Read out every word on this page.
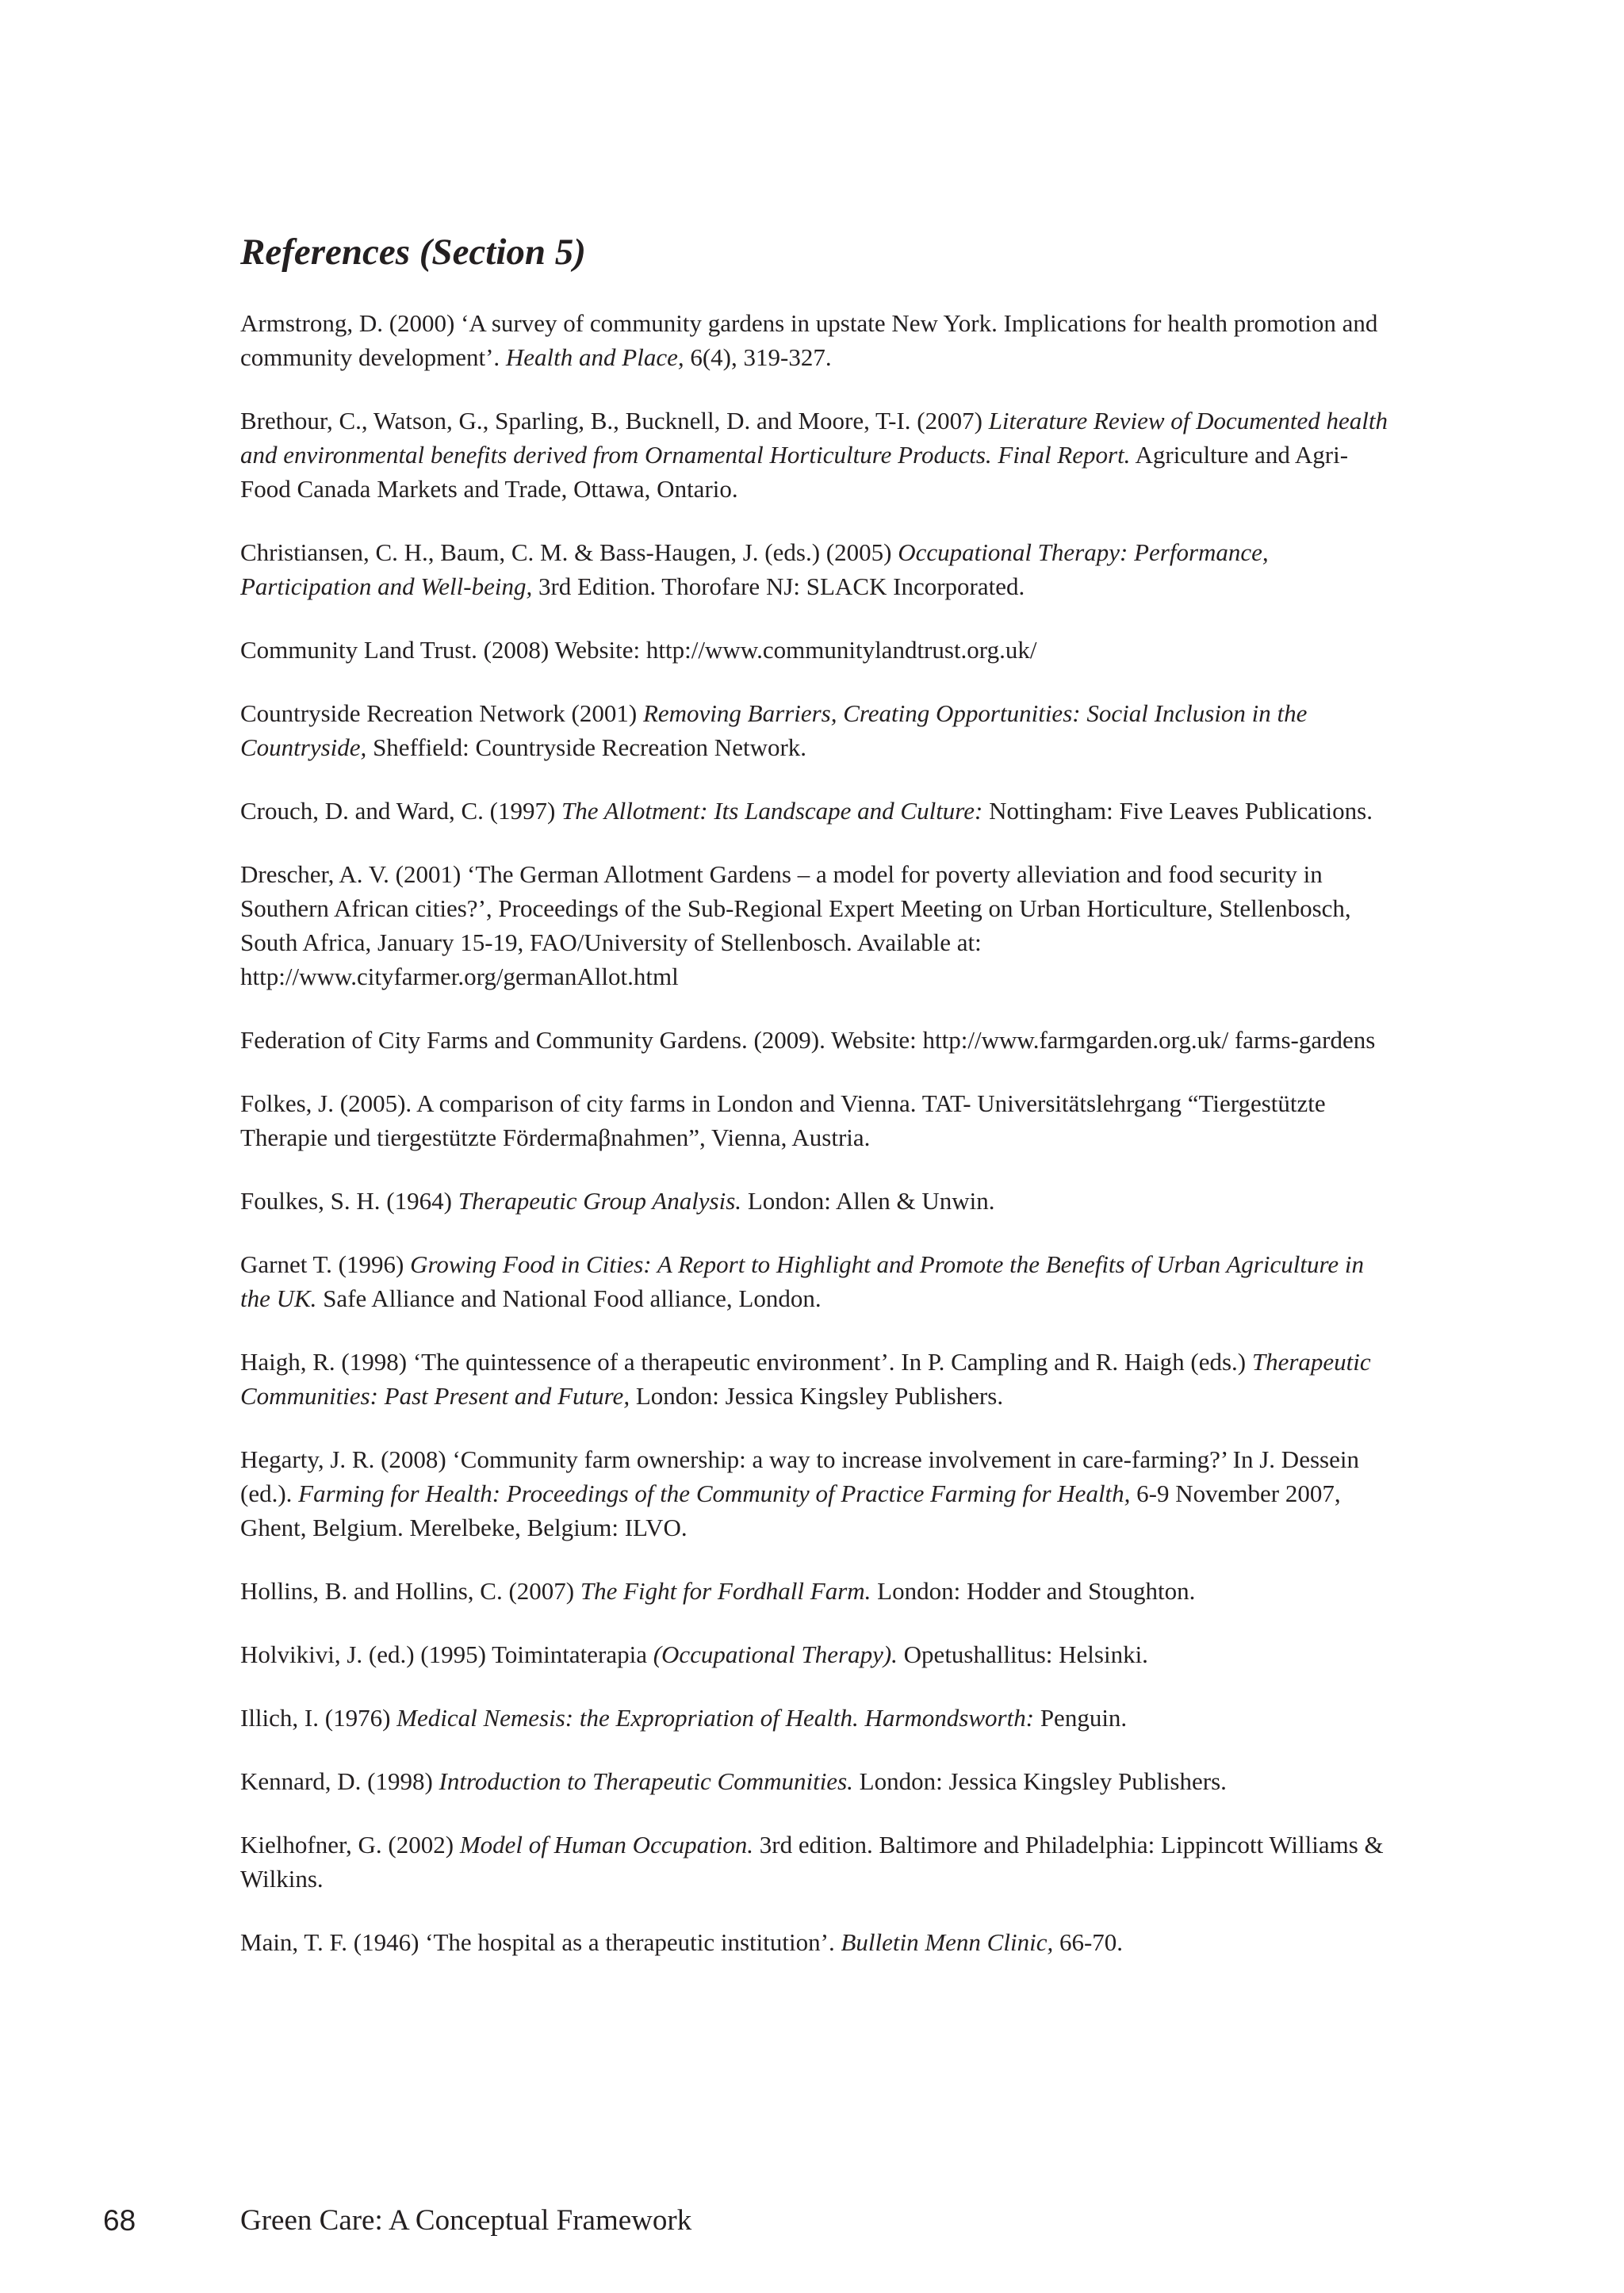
References (Section 5)

Armstrong, D. (2000) ‘A survey of community gardens in upstate New York. Implications for health promotion and community development’. Health and Place, 6(4), 319-327.

Brethour, C., Watson, G., Sparling, B., Bucknell, D. and Moore, T-I. (2007) Literature Review of Documented health and environmental benefits derived from Ornamental Horticulture Products. Final Report. Agriculture and Agri-Food Canada Markets and Trade, Ottawa, Ontario.

Christiansen, C. H., Baum, C. M. & Bass-Haugen, J. (eds.) (2005) Occupational Therapy: Performance, Participation and Well-being, 3rd Edition. Thorofare NJ: SLACK Incorporated.

Community Land Trust. (2008) Website: http://www.communitylandtrust.org.uk/

Countryside Recreation Network (2001) Removing Barriers, Creating Opportunities: Social Inclusion in the Countryside, Sheffield: Countryside Recreation Network.

Crouch, D. and Ward, C. (1997) The Allotment: Its Landscape and Culture: Nottingham: Five Leaves Publications.

Drescher, A. V. (2001) ‘The German Allotment Gardens – a model for poverty alleviation and food security in Southern African cities?’, Proceedings of the Sub-Regional Expert Meeting on Urban Horticulture, Stellenbosch, South Africa, January 15-19, FAO/University of Stellenbosch. Available at: http://www.cityfarmer.org/germanAllot.html

Federation of City Farms and Community Gardens. (2009). Website: http://www.farmgarden.org.uk/ farms-gardens

Folkes, J. (2005). A comparison of city farms in London and Vienna. TAT- Universitätslehrgang “Tiergestützte Therapie und tiergestützte Fördermaβnahmen”, Vienna, Austria.

Foulkes, S. H. (1964) Therapeutic Group Analysis. London: Allen & Unwin.

Garnet T. (1996) Growing Food in Cities: A Report to Highlight and Promote the Benefits of Urban Agriculture in the UK. Safe Alliance and National Food alliance, London.

Haigh, R. (1998) ‘The quintessence of a therapeutic environment’. In P. Campling and R. Haigh (eds.) Therapeutic Communities: Past Present and Future, London: Jessica Kingsley Publishers.

Hegarty, J. R. (2008) ‘Community farm ownership: a way to increase involvement in care-farming?’ In J. Dessein (ed.). Farming for Health: Proceedings of the Community of Practice Farming for Health, 6-9 November 2007, Ghent, Belgium. Merelbeke, Belgium: ILVO.

Hollins, B. and Hollins, C. (2007) The Fight for Fordhall Farm. London: Hodder and Stoughton.

Holvikivi, J. (ed.) (1995) Toimintaterapia (Occupational Therapy). Opetushallitus: Helsinki.

Illich, I. (1976) Medical Nemesis: the Expropriation of Health. Harmondsworth: Penguin.

Kennard, D. (1998) Introduction to Therapeutic Communities. London: Jessica Kingsley Publishers.

Kielhofner, G. (2002) Model of Human Occupation. 3rd edition. Baltimore and Philadelphia: Lippincott Williams & Wilkins.

Main, T. F. (1946) ‘The hospital as a therapeutic institution’. Bulletin Menn Clinic, 66-70.

68	Green Care: A Conceptual Framework
